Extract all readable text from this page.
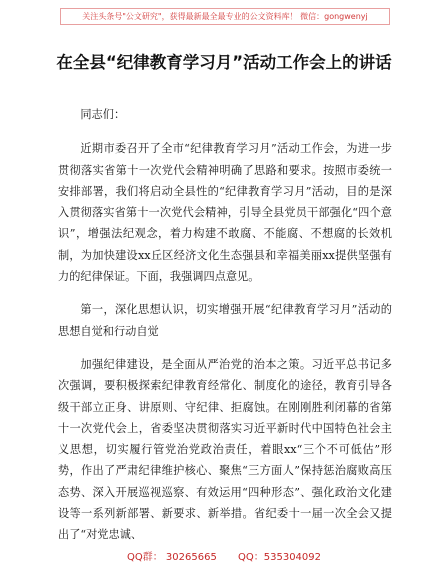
关注头条号"公文研究"，获得最新最全最专业的公文资料库！ 微信：gongwenyj
在全县“纪律教育学习月”活动工作会上的讲话

同志们：

近期市委召开了全市“纪律教育学习月”活动工作会，为进一步贯彻落实省第十一次党代会精神明确了思路和要求。按照市委统一安排部署，我们将启动全县性的“纪律教育学习月”活动，目的是深入贯彻落实省第十一次党代会精神，引导全县党员干部强化“四个意识”，增强法纪观念，着力构建不敢腐、不能腐、不想腐的长效机制，为加快建设xx丘区经济文化生态强县和幸福美丽xx提供坚强有力的纪律保证。下面，我强调四点意见。

第一，深化思想认识，切实增强开展“纪律教育学习月”活动的思想自觉和行动自觉

加强纪律建设，是全面从严治党的治本之策。习近平总书记多次强调，要积极探索纪律教育经常化、制度化的途径，教育引导各级干部立正身、讲原则、守纪律、拒腐蚀。在刚刚胜利闭幕的省第十一次党代会上，省委坚决贯彻落实习近平新时代中国特色社会主义思想，切实履行管党治党政治责任，着眼xx“三个不可低估”形势，作出了严肃纪律维护核心、聚焦“三方面人”保持惩治腐败高压态势、深入开展巡视巡察、有效运用“四种形态”、强化政治文化建设等一系列新部署、新要求、新举措。省纪委十一届一次全会又提出了“对党忠诚、

QQ群： 30265665 QQ：535304092
